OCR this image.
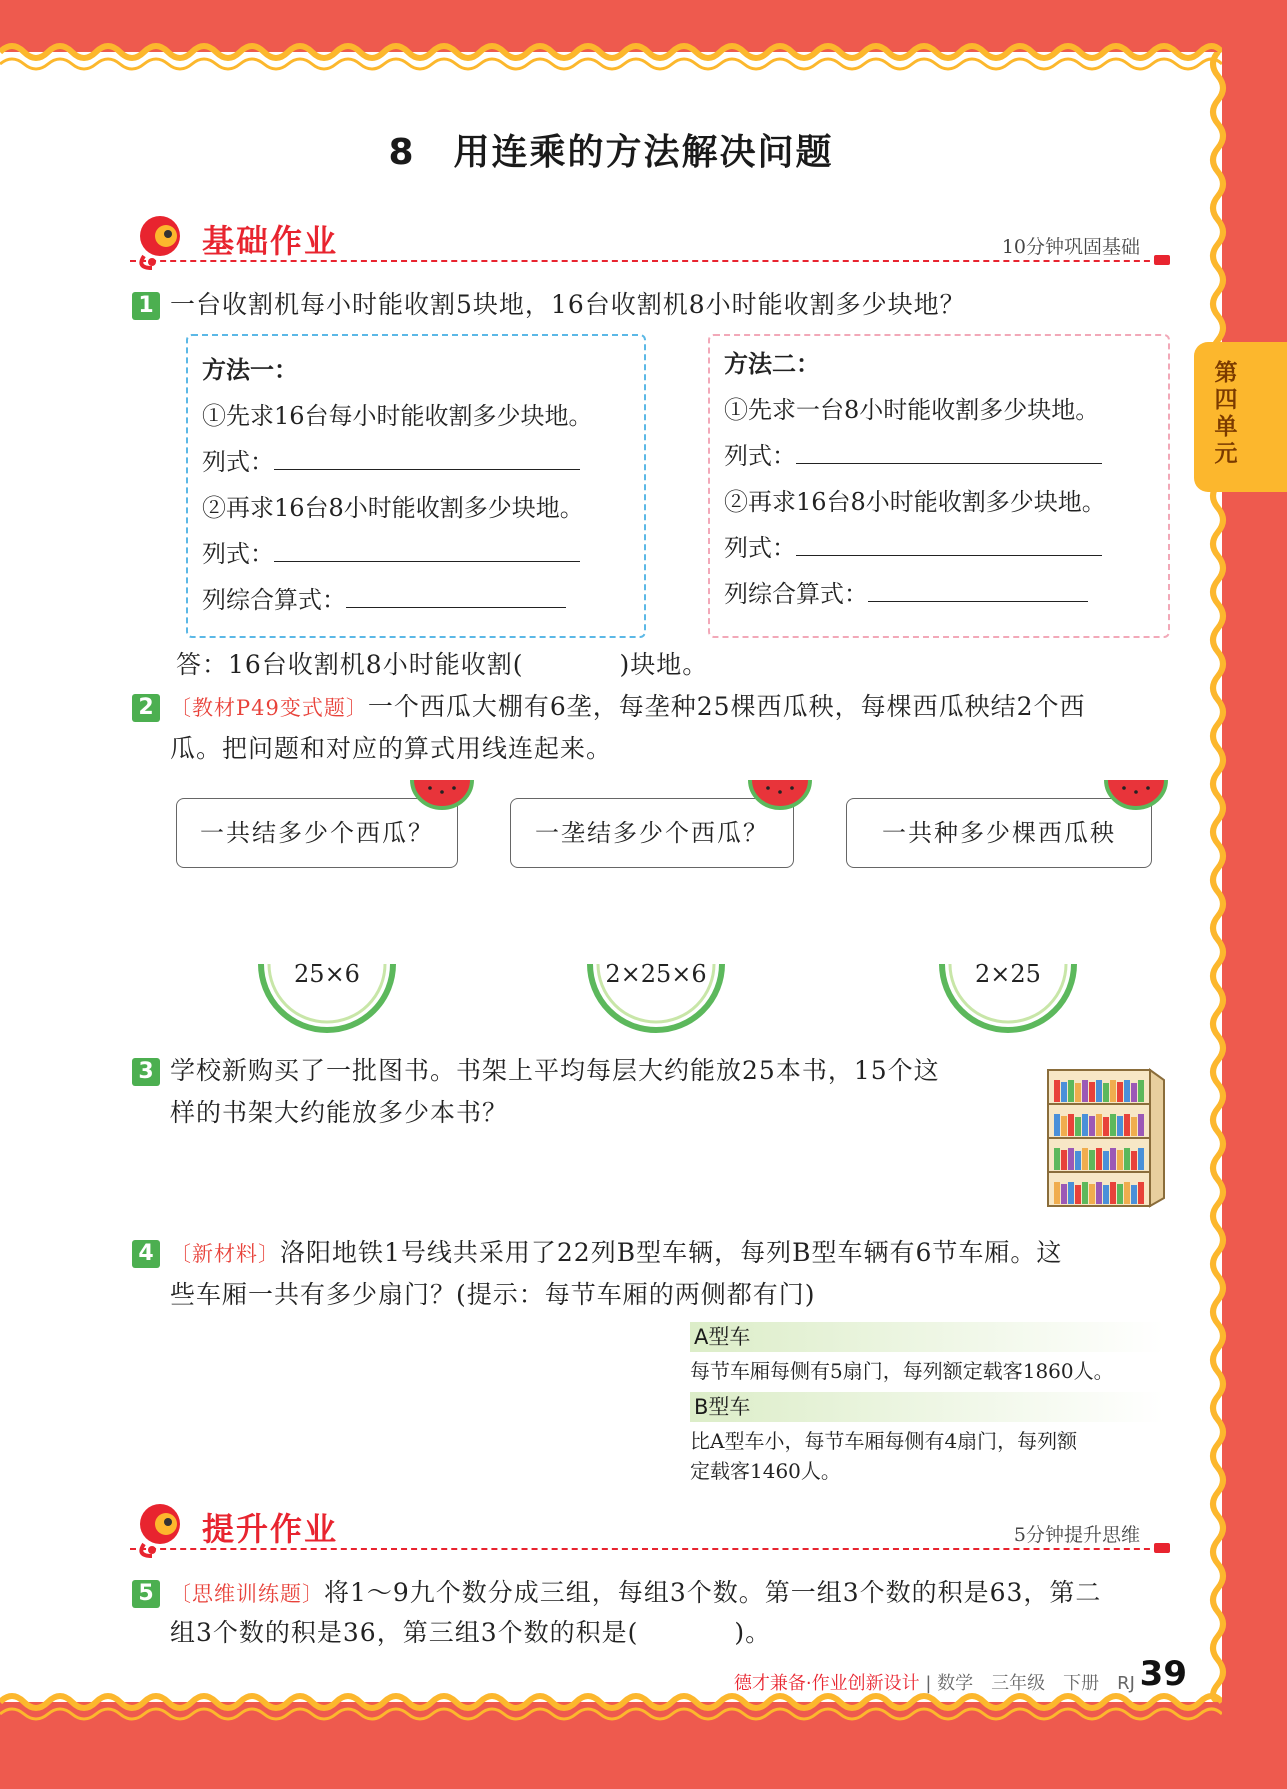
第四单元
8　用连乘的方法解决问题
基础作业	10分钟巩固基础
1 一台收割机每小时能收割5块地，16台收割机8小时能收割多少块地？
方法一：
①先求16台每小时能收割多少块地。
列式：
②再求16台8小时能收割多少块地。
列式：
列综合算式：
方法二：
①先求一台8小时能收割多少块地。
列式：
②再求16台8小时能收割多少块地。
列式：
列综合算式：
答：16台收割机8小时能收割(	)块地。
2 〔教材P49变式题〕一个西瓜大棚有6垄，每垄种25棵西瓜秧，每棵西瓜秧结2个西
瓜。把问题和对应的算式用线连起来。
一共结多少个西瓜？	一垄结多少个西瓜？	一共种多少棵西瓜秧
25×6	2×25×6	2×25
3 学校新购买了一批图书。书架上平均每层大约能放25本书，15个这
样的书架大约能放多少本书？
4 〔新材料〕洛阳地铁1号线共采用了22列B型车辆，每列B型车辆有6节车厢。这
些车厢一共有多少扇门？(提示：每节车厢的两侧都有门)
A型车
每节车厢每侧有5扇门，每列额定载客1860人。
B型车
比A型车小，每节车厢每侧有4扇门，每列额
定载客1460人。
提升作业	5分钟提升思维
5 〔思维训练题〕将1～9九个数分成三组，每组3个数。第一组3个数的积是63，第二
组3个数的积是36，第三组3个数的积是(	)。
德才兼备·作业创新设计 | 数学　三年级　下册　RJ 39
